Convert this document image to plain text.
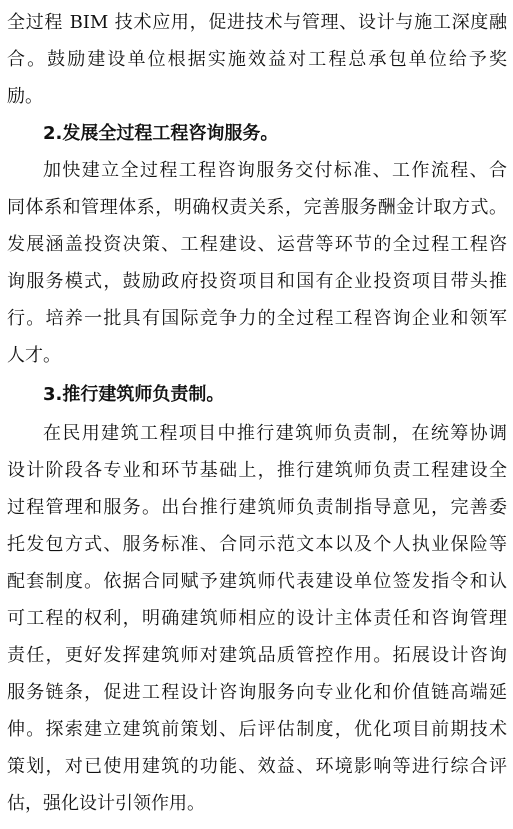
全过程 BIM 技术应用，促进技术与管理、设计与施工深度融
合。鼓励建设单位根据实施效益对工程总承包单位给予奖
励。
2.发展全过程工程咨询服务。
加快建立全过程工程咨询服务交付标准、工作流程、合
同体系和管理体系，明确权责关系，完善服务酬金计取方式。
发展涵盖投资决策、工程建设、运营等环节的全过程工程咨
询服务模式，鼓励政府投资项目和国有企业投资项目带头推
行。培养一批具有国际竞争力的全过程工程咨询企业和领军
人才。
3.推行建筑师负责制。
在民用建筑工程项目中推行建筑师负责制，在统筹协调
设计阶段各专业和环节基础上，推行建筑师负责工程建设全
过程管理和服务。出台推行建筑师负责制指导意见，完善委
托发包方式、服务标准、合同示范文本以及个人执业保险等
配套制度。依据合同赋予建筑师代表建设单位签发指令和认
可工程的权利，明确建筑师相应的设计主体责任和咨询管理
责任，更好发挥建筑师对建筑品质管控作用。拓展设计咨询
服务链条，促进工程设计咨询服务向专业化和价值链高端延
伸。探索建立建筑前策划、后评估制度，优化项目前期技术
策划，对已使用建筑的功能、效益、环境影响等进行综合评
估，强化设计引领作用。
